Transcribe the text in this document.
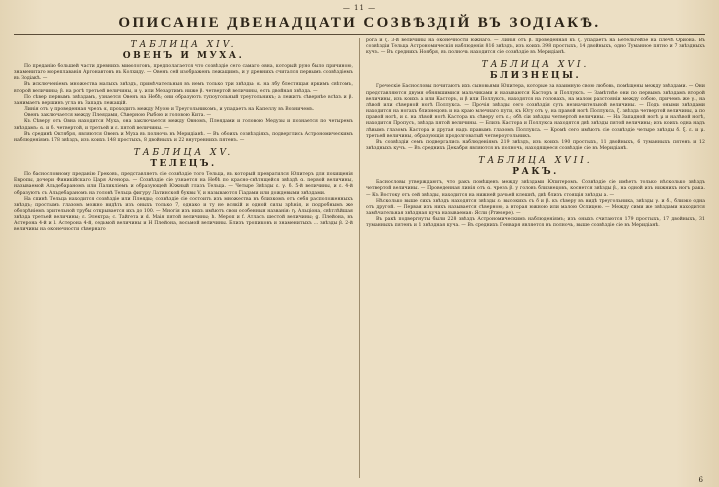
— 11 —
ОПИСАНІЕ ДВЕНАДЦАТИ СОЗВѢЗДІЙ ВЪ ЗОДІАКѢ.
ТАБЛИЦА XIV.
ОВЕНЪ И МУХА.

По преданію большей части древнихъ миѳологовъ, предполагается что созвѣздіе сего самаго овна, который руно было причиною, знаменитаго мореплаванія Аргонавтовъ въ Колхиду. — Овенъ сей изображенъ лежащимъ, и у древнихъ считался первымъ созвѣздіемъ въ Зодіакѣ. —

Въ исключеніемъ множества малыхъ звѣздъ, примѣчательныя въ немъ только три звѣзды: α. на лбу блестящая яркимъ свѣтомъ, второй величины; β. на рогѣ третьей величины, и γ. или Мезартимъ ниже β. четвертой величины, есть двойная звѣзда. —

По сѣвер первымъ звѣздамъ, узнается Овенъ на Небѣ; они образуютъ тупоугольный треугольникъ; а лежитъ сѣвернѣе всѣхъ и β. занимаетъ вершинъ угла въ Западъ лежащій.

Линія отъ γ проведенная чрезъ α, проходитъ между Муою и Треугольникомъ, и упадаетъ на Капеллу въ Возничемъ.

Овенъ заключается между Плеядами, Сѣверною Рыбою и головою Кита. —

Къ Сѣверу отъ Овна находится Муха, она заключается между Овномъ, Плеядами и головою Медузы и познается по четыремъ звѣздамъ: α. и δ. четвертой, и третьей и ε. пятой величины. —

Въ срединѣ Октября, являются Овенъ и Муха въ полночь въ Меридіанѣ. — Въ обоихъ созвѣздіяхъ, подверглись Астрономическимъ наблюденіямъ 178 звѣздъ, изъ коихъ 148 простыхъ, 8 двойныхъ и 22 внутреннихъ пятенъ. —

ТАБЛИЦА XV.
ТЕЛЕЦЪ.

По баснословному преданію Грековъ, представляетъ сіе созвѣздіе того Тельца, въ который превратился Юпитеръ для похищенія Европы, дочери Финикійскаго Царя Агенора. — Созвѣздіе сіе узнается на Небѣ по красно-свѣтящейся звѣздѣ α. первой величины, называемой Альдебараномъ или Паликліемъ и образующей Южный глазъ Тельца. — Четыре Звѣзды ε. γ. δ. 5-й величины, и ε. 4-й образуютъ съ Альдебараномъ на головѣ Тельца фигуру Латинской буквы V, и называются Гіадами или дождевыми звѣздами.

На спинѣ Тельца находится созвѣздіе или Плеяды; созвѣздіе сіе состоитъ изъ множества въ близкомъ отъ себя расположенныхъ звѣздъ; простымъ глазомъ можно видѣть изъ оныхъ только 7, однако и ту не всякій и одной силы зрѣнія, и подробнымъ же обозрѣніемъ зрительной трубы открывается ихъ до 100. — Многія изъ нихъ имѣютъ свои особенныя названія: η. Альціона, свѣтлѣйшая звѣзда третьей величины; ε. Электра; с. Тайгета и d. Маія пятой величины; h. Мероп и f. Атласъ шестой величины; g. Плейона, въ Астерона 4-й и l. Астерона 4-й, седьмой величины и H Плейона, восьмой величины. Близъ тропиковъ и знаменитыхъ ... звѣзды β. 2-й величины на оконечности сѣвернаго

рога и ζ. 3-й величины на оконечности южнаго. — Линія отъ β. проведенная къ ζ. упадаетъ на Бетельгейзе на плечѣ Ориона. Въ созвѣздіи Тельца Астрономическія наблюденія 816 звѣздъ, изъ коихъ 398 простыхъ, 14 двойныхъ, одно Туманное пятно и 7 звѣздныхъ кучъ. — Въ среднихъ Ноября, въ полночь находится сіе созвѣздіе въ Меридіанѣ.

ТАБЛИЦА XVI.
БЛИЗНЕЦЫ.

Греческіе Баснословы почитаютъ ихъ сыновьями Юпитера, которые за взаимную свою любовь, помѣщены между звѣздами. — Они представляются двумя обнявшимися мальчиками и называются Касторъ и Поллуксъ. — Замѣтнѣе они по первымъ звѣздамъ второй величины, изъ коихъ а или Касторъ, и β или Поллуксъ, находятся на головахъ, на малом разстояніи между собою, причемъ же γ., на лѣвой или сѣверной ногѣ Поллукса. — Прочія звѣзды сего созвѣздія суть незначительной величины. — Подъ оными звѣздами находится на ногахъ близнецовъ и на краю млечнаго пути, къ Югу отъ γ, на правой ногѣ Поллукса, ζ. звѣзда четвертой величины, а по правой ногѣ, и ε. на лѣвой ногѣ Кастора къ сѣверу отъ ε.; обѣ сіи звѣзды четвертой величины. — На Западной ногѣ μ и налѣвой ногѣ, находится Пропусъ, звѣзда пятой величины. — Близъ Кастора и Поллукса находятся двѣ звѣзды пятой величины; изъ коихъ одна надъ лѣвымъ глазомъ Кастора и другая надъ правымъ глазомъ Поллукса. — Кромѣ сего имѣютъ сіе созвѣздіе четыре звѣзды δ. ξ. ε. и μ. третьей величины, образующія продолговатый четвероугольникъ.

Въ созвѣздіи семъ подвергались наблюденіямъ 219 звѣздъ, изъ коихъ 190 простыхъ, 11 двойныхъ, 6 туманныхъ пятенъ и 12 звѣздныхъ кучъ. — Въ среднихъ Декабря являются въ полночь, находящееся созвѣздіе сіе въ Меридіанѣ.

ТАБЛИЦА XVII.
РАКЪ.

Баснословы утверждаютъ, что ракъ помѣщенъ между звѣздами Юпитеромъ. Созвѣздіе сіе имѣетъ только нѣсколько звѣздъ четвертой величины. — Проведенная линія отъ α. чрезъ β. у головъ близнецовъ, коснется звѣзды β., на одной изъ нижнихъ ногъ рака. — Къ Востоку отъ сей звѣзды, находится на нижней рачьей клешнѣ, двѣ близъ стоящія звѣзды а. —

Нѣсколько выше сихъ звѣздъ находятся звѣзды ε: высокихъ съ δ и β. къ сѣверу въ видѣ треугольника, звѣзды γ. и δ., блиэко одна отъ другой. — Первая изъ нихъ называется сѣверною, а вторая южною или малою Ослицею. — Между сими же звѣздами находится замѣчательная звѣздная куча называемая: Ясли (Præsepe). —

Въ ракѣ подвергнуты были 228 звѣздъ Астрономическимъ наблюденіямъ; изъ оныхъ считаются 179 простыхъ, 17 двойныхъ, 31 туманныхъ пятенъ и 1 звѣздная куча. — Въ среднихъ Генваря является въ полночь, выше созвѣздіе сіе въ Меридіанѣ.

6
